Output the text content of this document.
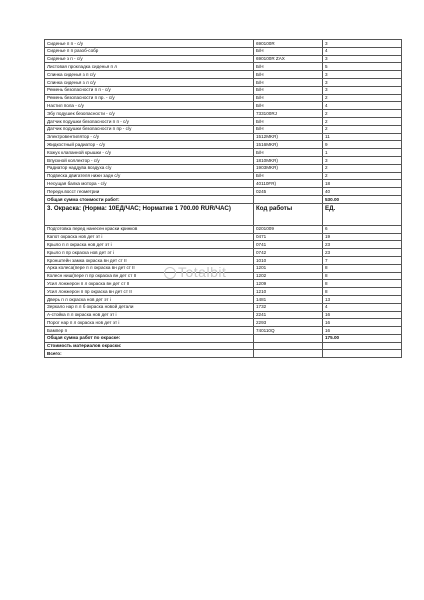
Сиденье п п - с/у	690100R	3
Сиденье п п разоб-собр	Б/Н	4
Сиденье з п - с/у	690100R ZAX	3
Листовая прокладка сиденья п л	Б/Н	5
Спинка сиденья з п с/у	Б/Н	3
Спинка сиденья з л с/у	Б/Н	3
Ремень безопасности п п - с/у	Б/Н	3
Ремень безопасности п пр. - с/у	Б/Н	2
Настил пола - с/у	Б/Н	4
Эбу подушек безопасности - с/у	733100RJ	2
Датчик подушки безопасности п п - с/у	Б/Н	2
Датчик подушки безопасности п пр - с/у	Б/Н	2
Электровентилятор - с/у	1512MKR)	11
Жидкостный радиатор - с/у	1516MKR)	9
Кожух клапанной крышки - с/у	Б/Н	1
Впускной коллектор - с/у	1810MKR)	3
Радиатор наддува воздуха с/у	1903MKR)	2
Подвеска двигателя нижн задн с/у	Б/Н	2
Несущая балка мотора - с/у	40110FR)	18
Передн.восст геометрии	0245	40
Общая сумма стоимости работ:		530.00
3. Окраска: (Норма: 10ЕД/ЧАС; Норматив 1 700.00 RUR/ЧАС)	Код работы	ЕД.
Подготовка перед нанесен краски кринков	0201009	6
Капот окраска нов дет эт i	0471	19
Крыло п л окраска нов дет эт i	0741	23
Крыло п пр окраска нов дет эт i	0742	23
Кронштейн замка окраска вн дет ст II	1010	7
Арка колеса(пере п л окраска вн дет ст II	1201	8
Колесн ниш(пере п пр окраска вн дет ст II	1202	8
Усил лонжерон п л окраска вн дет ст II	1209	8
Усил лонжерон п пр окраска вн дет ст II	1210	8
Дверь п л окраска нов дет эт i	1481	13
Зеркало нар п л б окраска новой детали	1732	4
А-стойка п л окраска нов дет эт i	2241	16
Порог нар п л окраска нов дет эт i	2293	16
Бампер п	740110Q	16
Общая сумма работ по окраске:		175.00
Стоимость материалов окраски:		
Всего:		
Totalbit
